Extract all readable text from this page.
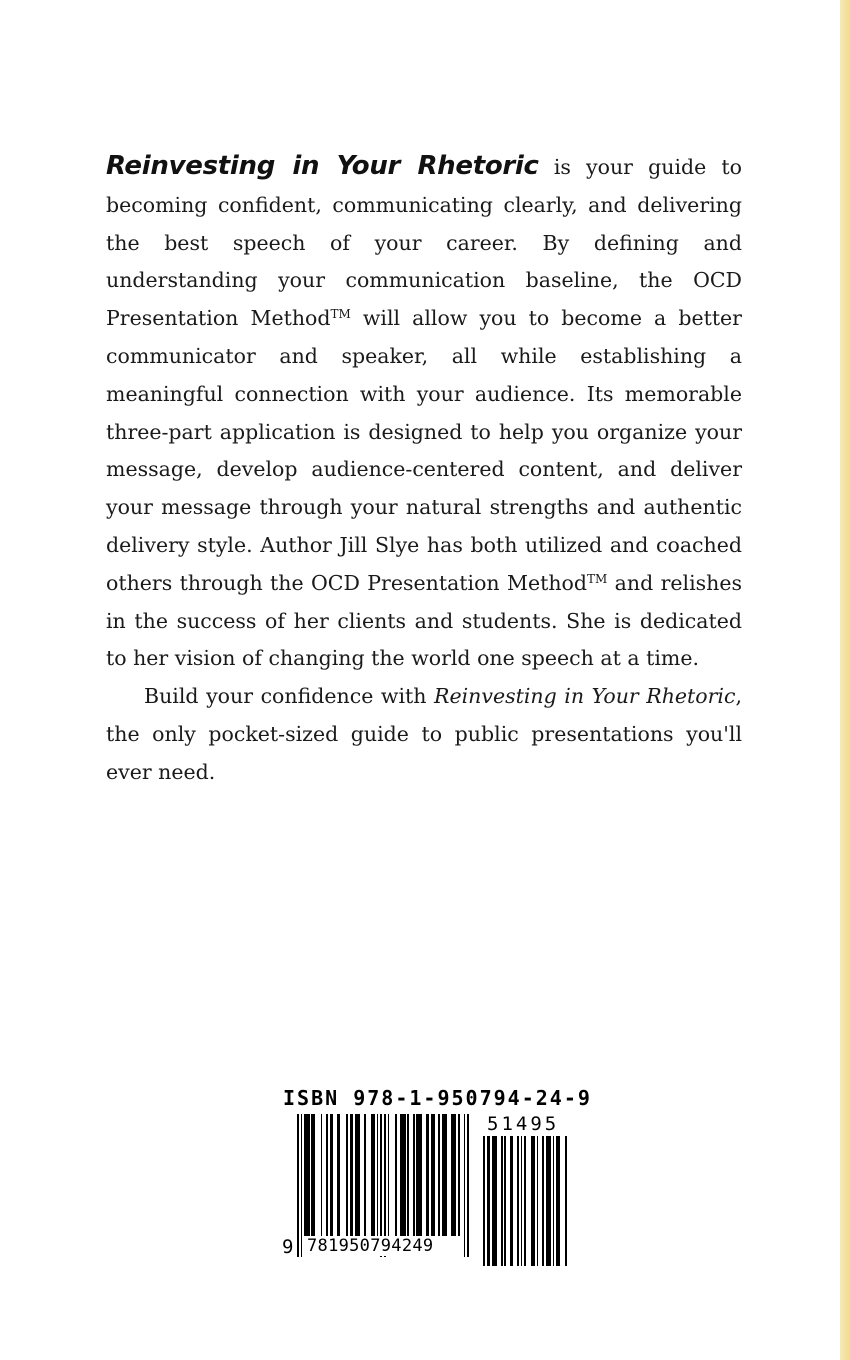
Reinvesting in Your Rhetoric is your guide to becoming confident, communicating clearly, and delivering the best speech of your career. By defining and understanding your communication baseline, the OCD Presentation Method™ will allow you to become a better communicator and speaker, all while establishing a meaningful connection with your audience. Its memorable three-part application is designed to help you organize your message, develop audience-centered content, and deliver your message through your natural strengths and authentic delivery style. Author Jill Slye has both utilized and coached others through the OCD Presentation Method™ and relishes in the success of her clients and students. She is dedicated to her vision of changing the world one speech at a time.

Build your confidence with Reinvesting in Your Rhetoric, the only pocket-sized guide to public presentations you'll ever need.

ISBN 978-1-950794-24-9
51495
9 781950794249
